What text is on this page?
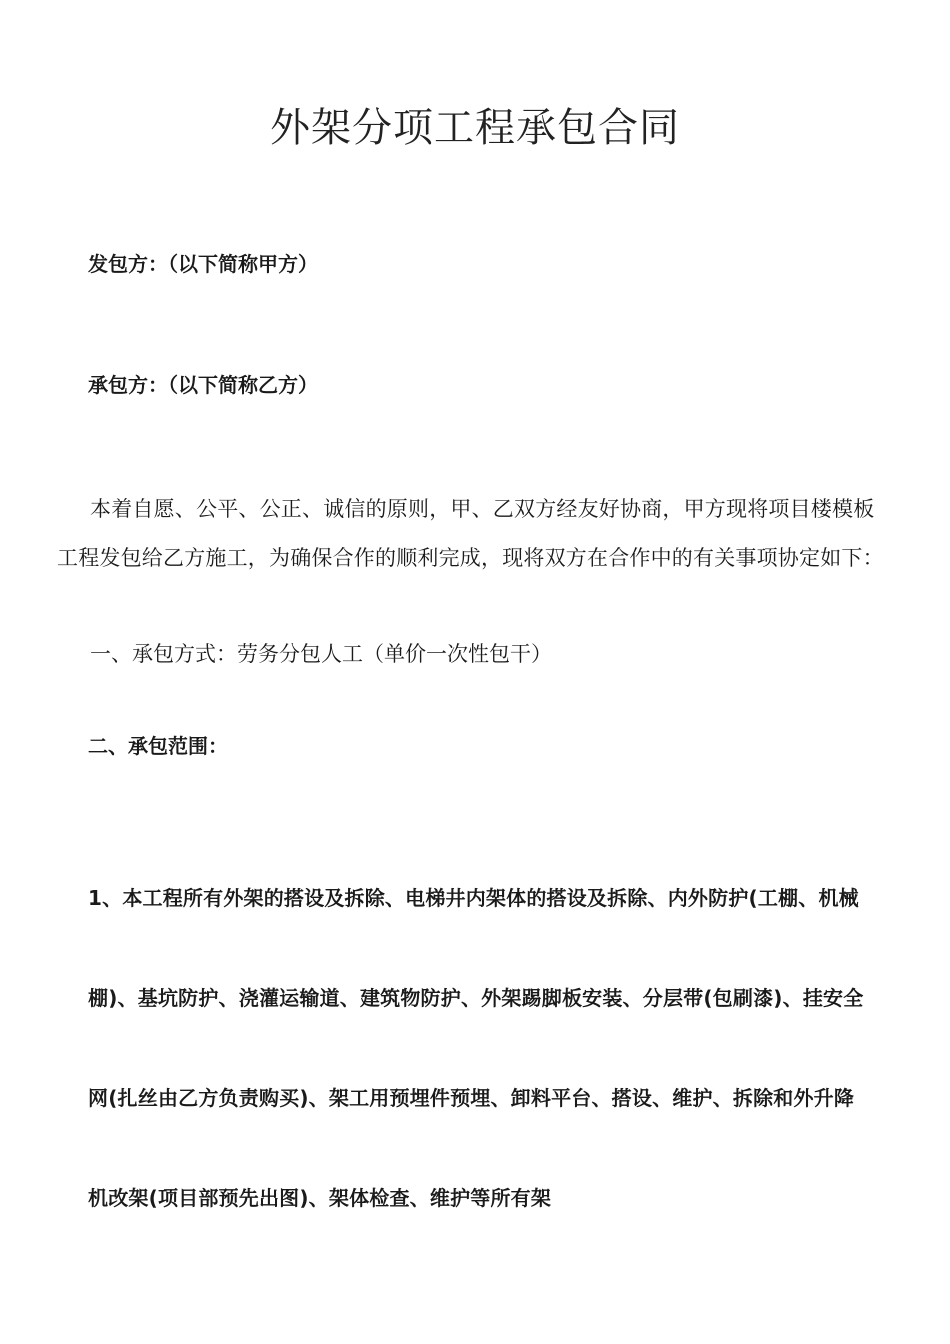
外架分项工程承包合同

发包方：（以下简称甲方）

承包方：（以下简称乙方）

本着自愿、公平、公正、诚信的原则，甲、乙双方经友好协商，甲方现将项目楼模板工程发包给乙方施工，为确保合作的顺利完成，现将双方在合作中的有关事项协定如下：

一、承包方式：劳务分包人工（单价一次性包干）

二、承包范围：

1、本工程所有外架的搭设及拆除、电梯井内架体的搭设及拆除、内外防护(工棚、机械棚)、基坑防护、浇灌运输道、建筑物防护、外架踢脚板安装、分层带(包刷漆)、挂安全网(扎丝由乙方负责购买)、架工用预埋件预埋、卸料平台、搭设、维护、拆除和外升降机改架(项目部预先出图)、架体检查、维护等所有架
